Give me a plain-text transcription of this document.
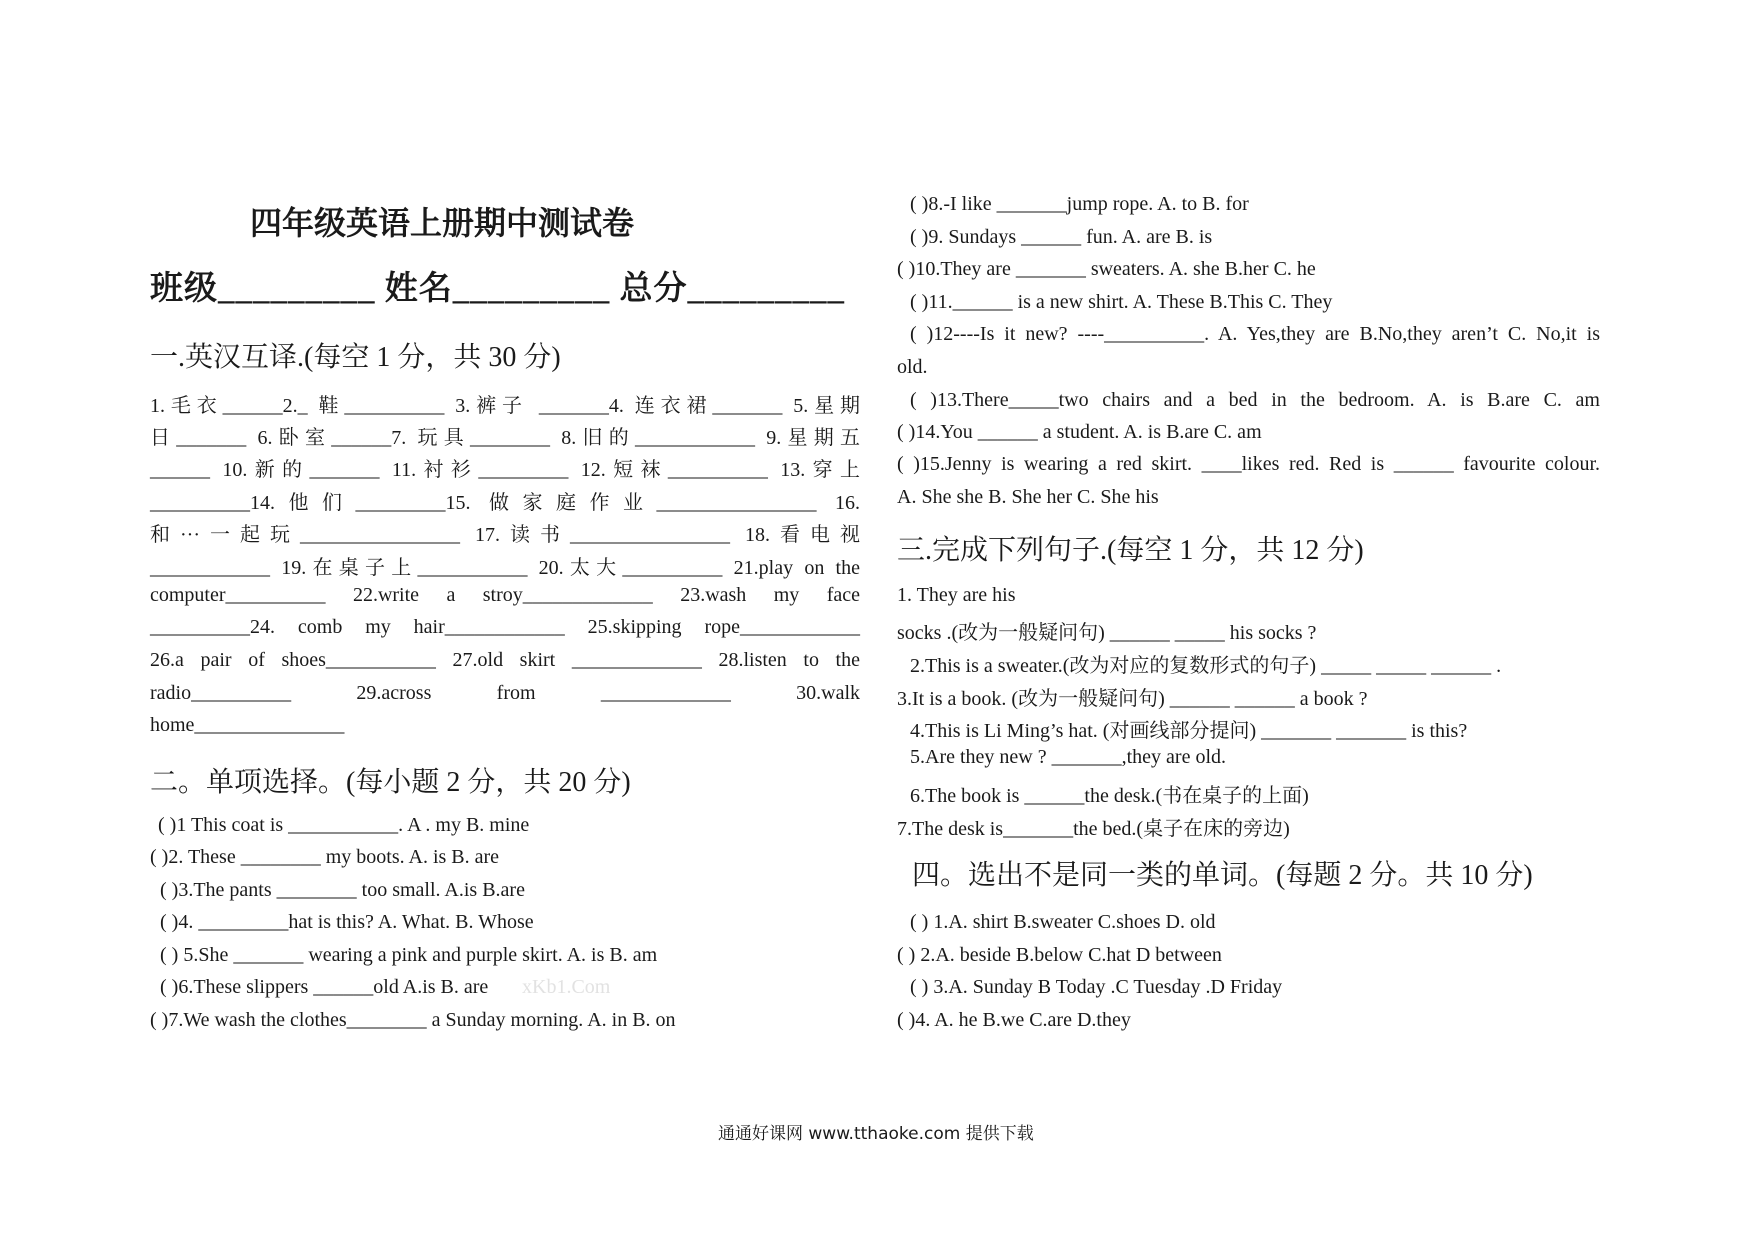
四年级英语上册期中测试卷
班级_________ 姓名_________ 总分_________
一.英汉互译.(每空 1 分，共 30 分)
1.毛衣______2._ 鞋__________ 3.裤子 _______4. 连衣裙_______ 5.星期
日_______ 6.卧室______7. 玩具________ 8.旧的____________ 9.星期五
______ 10.新的_______ 11.衬衫_________ 12.短袜__________ 13.穿上
__________14.他们_________15. 做家庭作业________________ 16.
和···一起玩________________ 17.读书________________ 18.看电视
____________ 19.在桌子上___________ 20.太大__________ 21.play on the
computer__________ 22.write a stroy_____________ 23.wash my face
__________24. comb my hair____________ 25.skipping rope____________
26.a pair of shoes___________ 27.old skirt _____________ 28.listen to the
radio__________ 29.across from _____________ 30.walk
home_______________
二。单项选择。(每小题 2 分，共 20 分)
( )1 This coat is ___________. A . my B. mine
( )2. These ________ my boots. A. is B. are
( )3.The pants ________ too small. A.is B.are
( )4. _________hat is this? A. What. B. Whose
( ) 5.She _______ wearing a pink and purple skirt. A. is B. am
( )6.These slippers ______old A.is B. are xKb1.Com
( )7.We wash the clothes________ a Sunday morning. A. in B. on
( )8.-I like _______jump rope. A. to B. for
( )9. Sundays ______ fun. A. are B. is
( )10.They are _______ sweaters. A. she B.her C. he
( )11.______ is a new shirt. A. These B.This C. They
( )12----Is it new? ----__________. A. Yes,they are B.No,they aren’t C. No,it is
old.
( )13.There_____two chairs and a bed in the bedroom. A. is B.are C. am
( )14.You ______ a student. A. is B.are C. am
( )15.Jenny is wearing a red skirt. ____likes red. Red is ______ favourite colour.
A. She she B. She her C. She his
三.完成下列句子.(每空 1 分，共 12 分)
1. They are his
socks .(改为一般疑问句) ______ _____ his socks ?
2.This is a sweater.(改为对应的复数形式的句子) _____ _____ ______ .
3.It is a book. (改为一般疑问句) ______ ______ a book ?
4.This is Li Ming’s hat. (对画线部分提问) _______ _______ is this?
5.Are they new ? _______,they are old.
6.The book is ______the desk.(书在桌子的上面)
7.The desk is_______the bed.(桌子在床的旁边)
四。选出不是同一类的单词。(每题 2 分。共 10 分)
( ) 1.A. shirt B.sweater C.shoes D. old
( ) 2.A. beside B.below C.hat D between
( ) 3.A. Sunday B Today .C Tuesday .D Friday
( )4. A. he B.we C.are D.they
通通好课网 www.tthaoke.com 提供下载
